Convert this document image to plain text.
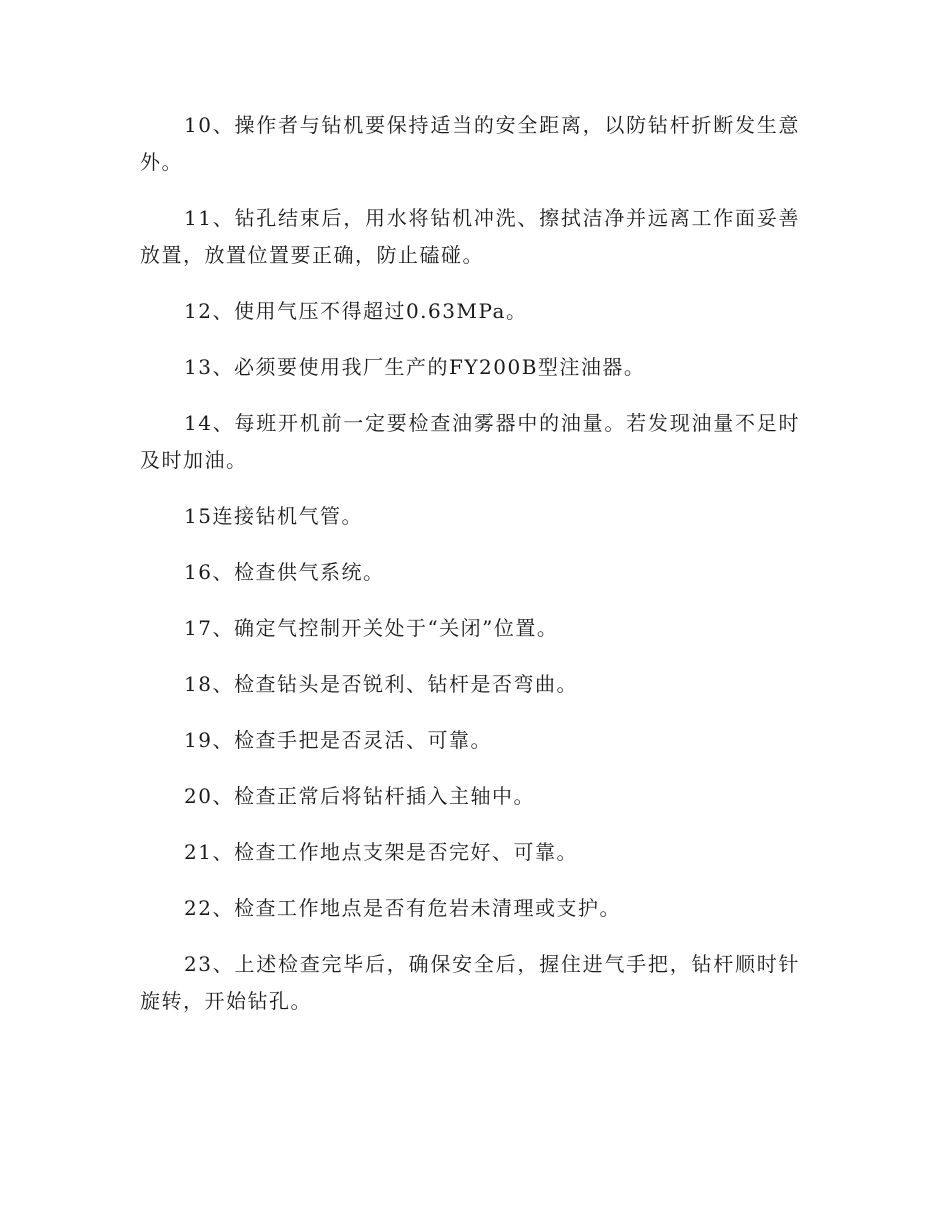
10、操作者与钻机要保持适当的安全距离，以防钻杆折断发生意外。

11、钻孔结束后，用水将钻机冲洗、擦拭洁净并远离工作面妥善放置，放置位置要正确，防止磕碰。

12、使用气压不得超过0.63MPa。

13、必须要使用我厂生产的FY200B型注油器。

14、每班开机前一定要检查油雾器中的油量。若发现油量不足时及时加油。

15连接钻机气管。

16、检查供气系统。

17、确定气控制开关处于“关闭”位置。

18、检查钻头是否锐利、钻杆是否弯曲。

19、检查手把是否灵活、可靠。

20、检查正常后将钻杆插入主轴中。

21、检查工作地点支架是否完好、可靠。

22、检查工作地点是否有危岩未清理或支护。

23、上述检查完毕后，确保安全后，握住进气手把，钻杆顺时针旋转，开始钻孔。
